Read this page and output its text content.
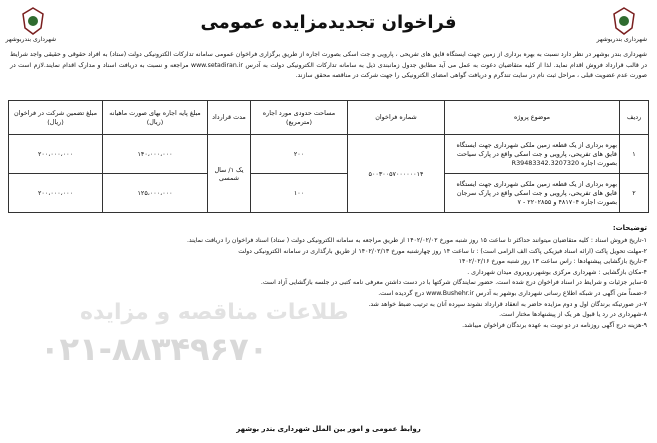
طلاعات مناقصه و مزایده
۰۲۱-۸۸۳۴۹۶۷۰
شهرداری بندربوشهر
فراخوان تجدیدمزایده عمومی
شهرداری بندربوشهر
شهرداری بندر بوشهر در نظر دارد نسبت به بهره برداری از زمین جهت ایستگاه قایق های تفریحی ، پارویی و جت اسکی بصورت اجاره از طریق برگزاری فراخوان عمومی سامانه تدارکات الکترونیکی دولت (ستاد) به افراد حقوقی و حقیقی واجد شرایط در قالب قرارداد فروش اقدام نماید. لذا از کلیه متقاضیان دعوت به عمل می آید مطابق جدول زمانبندی ذیل به سامانه تدارکات الکترونیکی دولت به آدرس www.setadiran.ir مراجعه و نسبت به دریافت اسناد و مدارک اقدام نمایند.لازم است در صورت عدم عضویت قبلی ، مراحل ثبت نام در سایت تندگرم و دریافت گواهی امضای الکترونیکی را جهت شرکت در مناقصه محقق سازند.
ردیف	موضوع پروژه	شماره فراخوان	مساحت حدودی مورد اجاره (مترمربع)	مدت قرارداد	مبلغ پایه اجاره بهای صورت ماهیانه (ریال)	مبلغ تضمین شرکت در فراخوان (ریال)
۱	بهره برداری از یک قطعه زمین ملکی شهرداری جهت ایستگاه قایق های تفریحی، پارویی و جت اسکی واقع در پارک سیاحت بصورت اجاره R39483342.3207320	۵۰۰۳۰۰۵۷۰۰۰۰۰۰۱۴	۲۰۰	یک ۱/ سال شمسی	۱۴۰،۰۰۰،۰۰۰	۲۰۰،۰۰۰،۰۰۰
۲	بهره برداری از یک قطعه زمین ملکی شهرداری جهت ایستگاه قایق های تفریحی، پارویی و جت اسکی واقع در پارک سرجان بصورت اجاره ۴۸۱۷۰۴ و ۲۲۰۲۸۵۵ - ۷		۱۰۰		۱۲۵،۰۰۰،۰۰۰	۲۰۰،۰۰۰،۰۰۰
توضیحات:
۱-تاریخ فروش اسناد : کلیه متقاضیان میتوانند حداکثر تا ساعت ۱۵ روز شنبه مورخ ۱۴۰۲/۰۲/۰۲ از طریق مراجعه به سامانه الکترونیکی دولت ( ستاد) اسناد فراخوان را دریافت نمایند.
۲-مهلت تحویل پاکت (ارائه اسناد فیزیکی پاکت الف الزامی است) : تا ساعت ۱۴ روز چهارشنبه مورخ ۱۴۰۲/۰۲/۱۳ از طریق بارگذاری در سامانه الکترونیکی دولت
۳-تاریخ بازگشایی پیشنهادها : راس ساعت ۱۳ روز شنبه مورخ ۱۴۰۲/۰۲/۱۶
۴-مکان بازگشایی : شهرداری مرکزی بوشهر،روبروی میدان شهرداری .
۵-سایر جزئیات و شرایط در اسناد فراخوان درج شده است. حضور نمایندگان شرکتها با در دست داشتن معرفی نامه کتبی در جلسه بازگشایی آزاد است.
۶-ضمناً متن آگهی در شبکه اطلاع رسانی شهرداری بوشهر به آدرس www.Bushehr.ir درج گردیده است.
۷-در صورتیکه برندگان اول و دوم مزایده حاضر به انعقاد قرارداد نشوند سپرده آنان به ترتیب ضبط خواهد شد.
۸-شهرداری در رد یا قبول هر یک از پیشنهادها مختار است.
۹-هزینه درج آگهی روزنامه در دو نوبت به عهده برندگان فراخوان میباشد.
روابط عمومی و امور بین الملل شهرداری بندر بوشهر
